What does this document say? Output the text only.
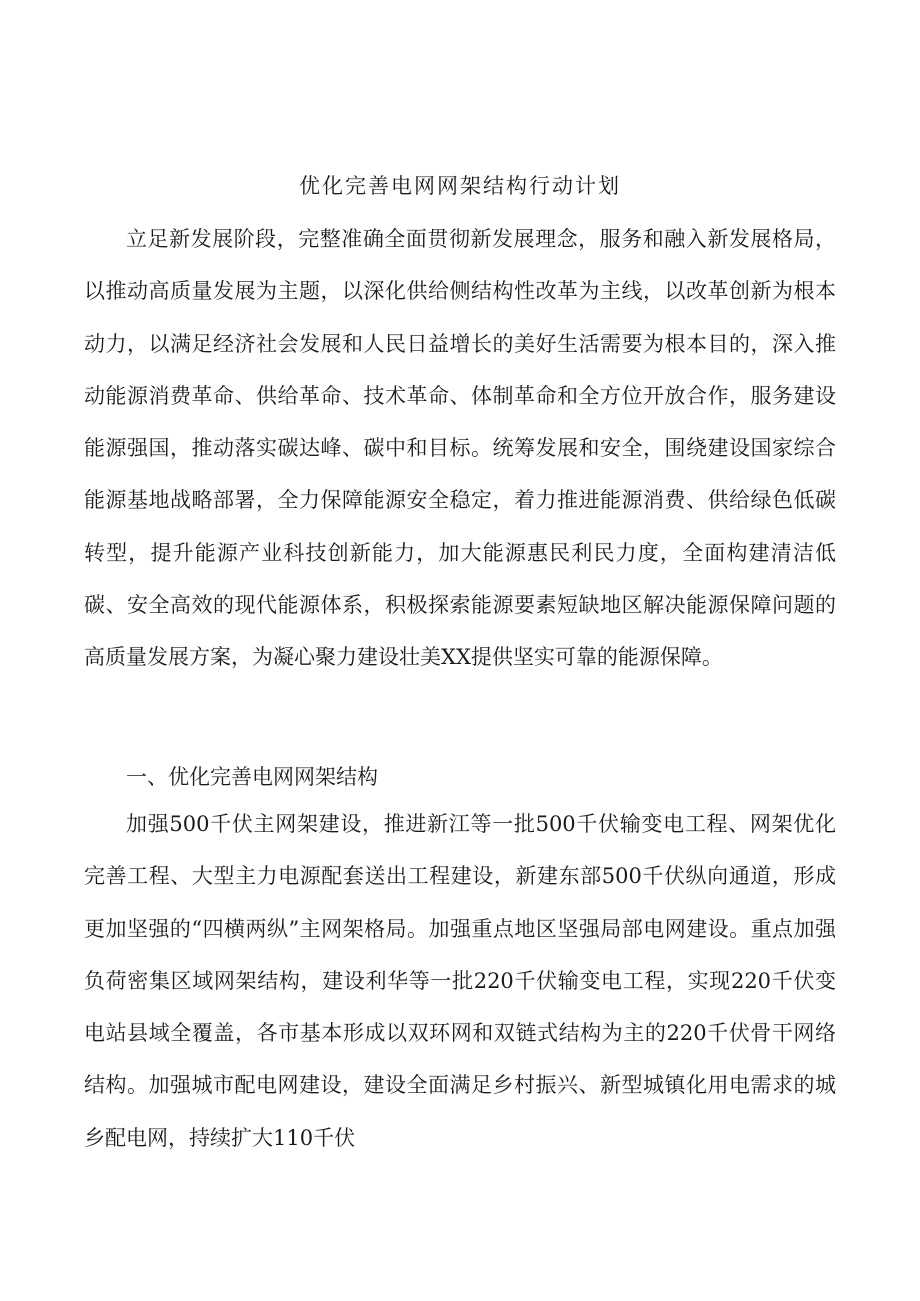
优化完善电网网架结构行动计划

立足新发展阶段，完整准确全面贯彻新发展理念，服务和融入新发展格局，以推动高质量发展为主题，以深化供给侧结构性改革为主线，以改革创新为根本动力，以满足经济社会发展和人民日益增长的美好生活需要为根本目的，深入推动能源消费革命、供给革命、技术革命、体制革命和全方位开放合作，服务建设能源强国，推动落实碳达峰、碳中和目标。统筹发展和安全，围绕建设国家综合能源基地战略部署，全力保障能源安全稳定，着力推进能源消费、供给绿色低碳转型，提升能源产业科技创新能力，加大能源惠民利民力度，全面构建清洁低碳、安全高效的现代能源体系，积极探索能源要素短缺地区解决能源保障问题的高质量发展方案，为凝心聚力建设壮美XX提供坚实可靠的能源保障。

一、优化完善电网网架结构

加强500千伏主网架建设，推进新江等一批500千伏输变电工程、网架优化完善工程、大型主力电源配套送出工程建设，新建东部500千伏纵向通道，形成更加坚强的“四横两纵”主网架格局。加强重点地区坚强局部电网建设。重点加强负荷密集区域网架结构，建设利华等一批220千伏输变电工程，实现220千伏变电站县域全覆盖，各市基本形成以双环网和双链式结构为主的220千伏骨干网络结构。加强城市配电网建设，建设全面满足乡村振兴、新型城镇化用电需求的城乡配电网，持续扩大110千伏
